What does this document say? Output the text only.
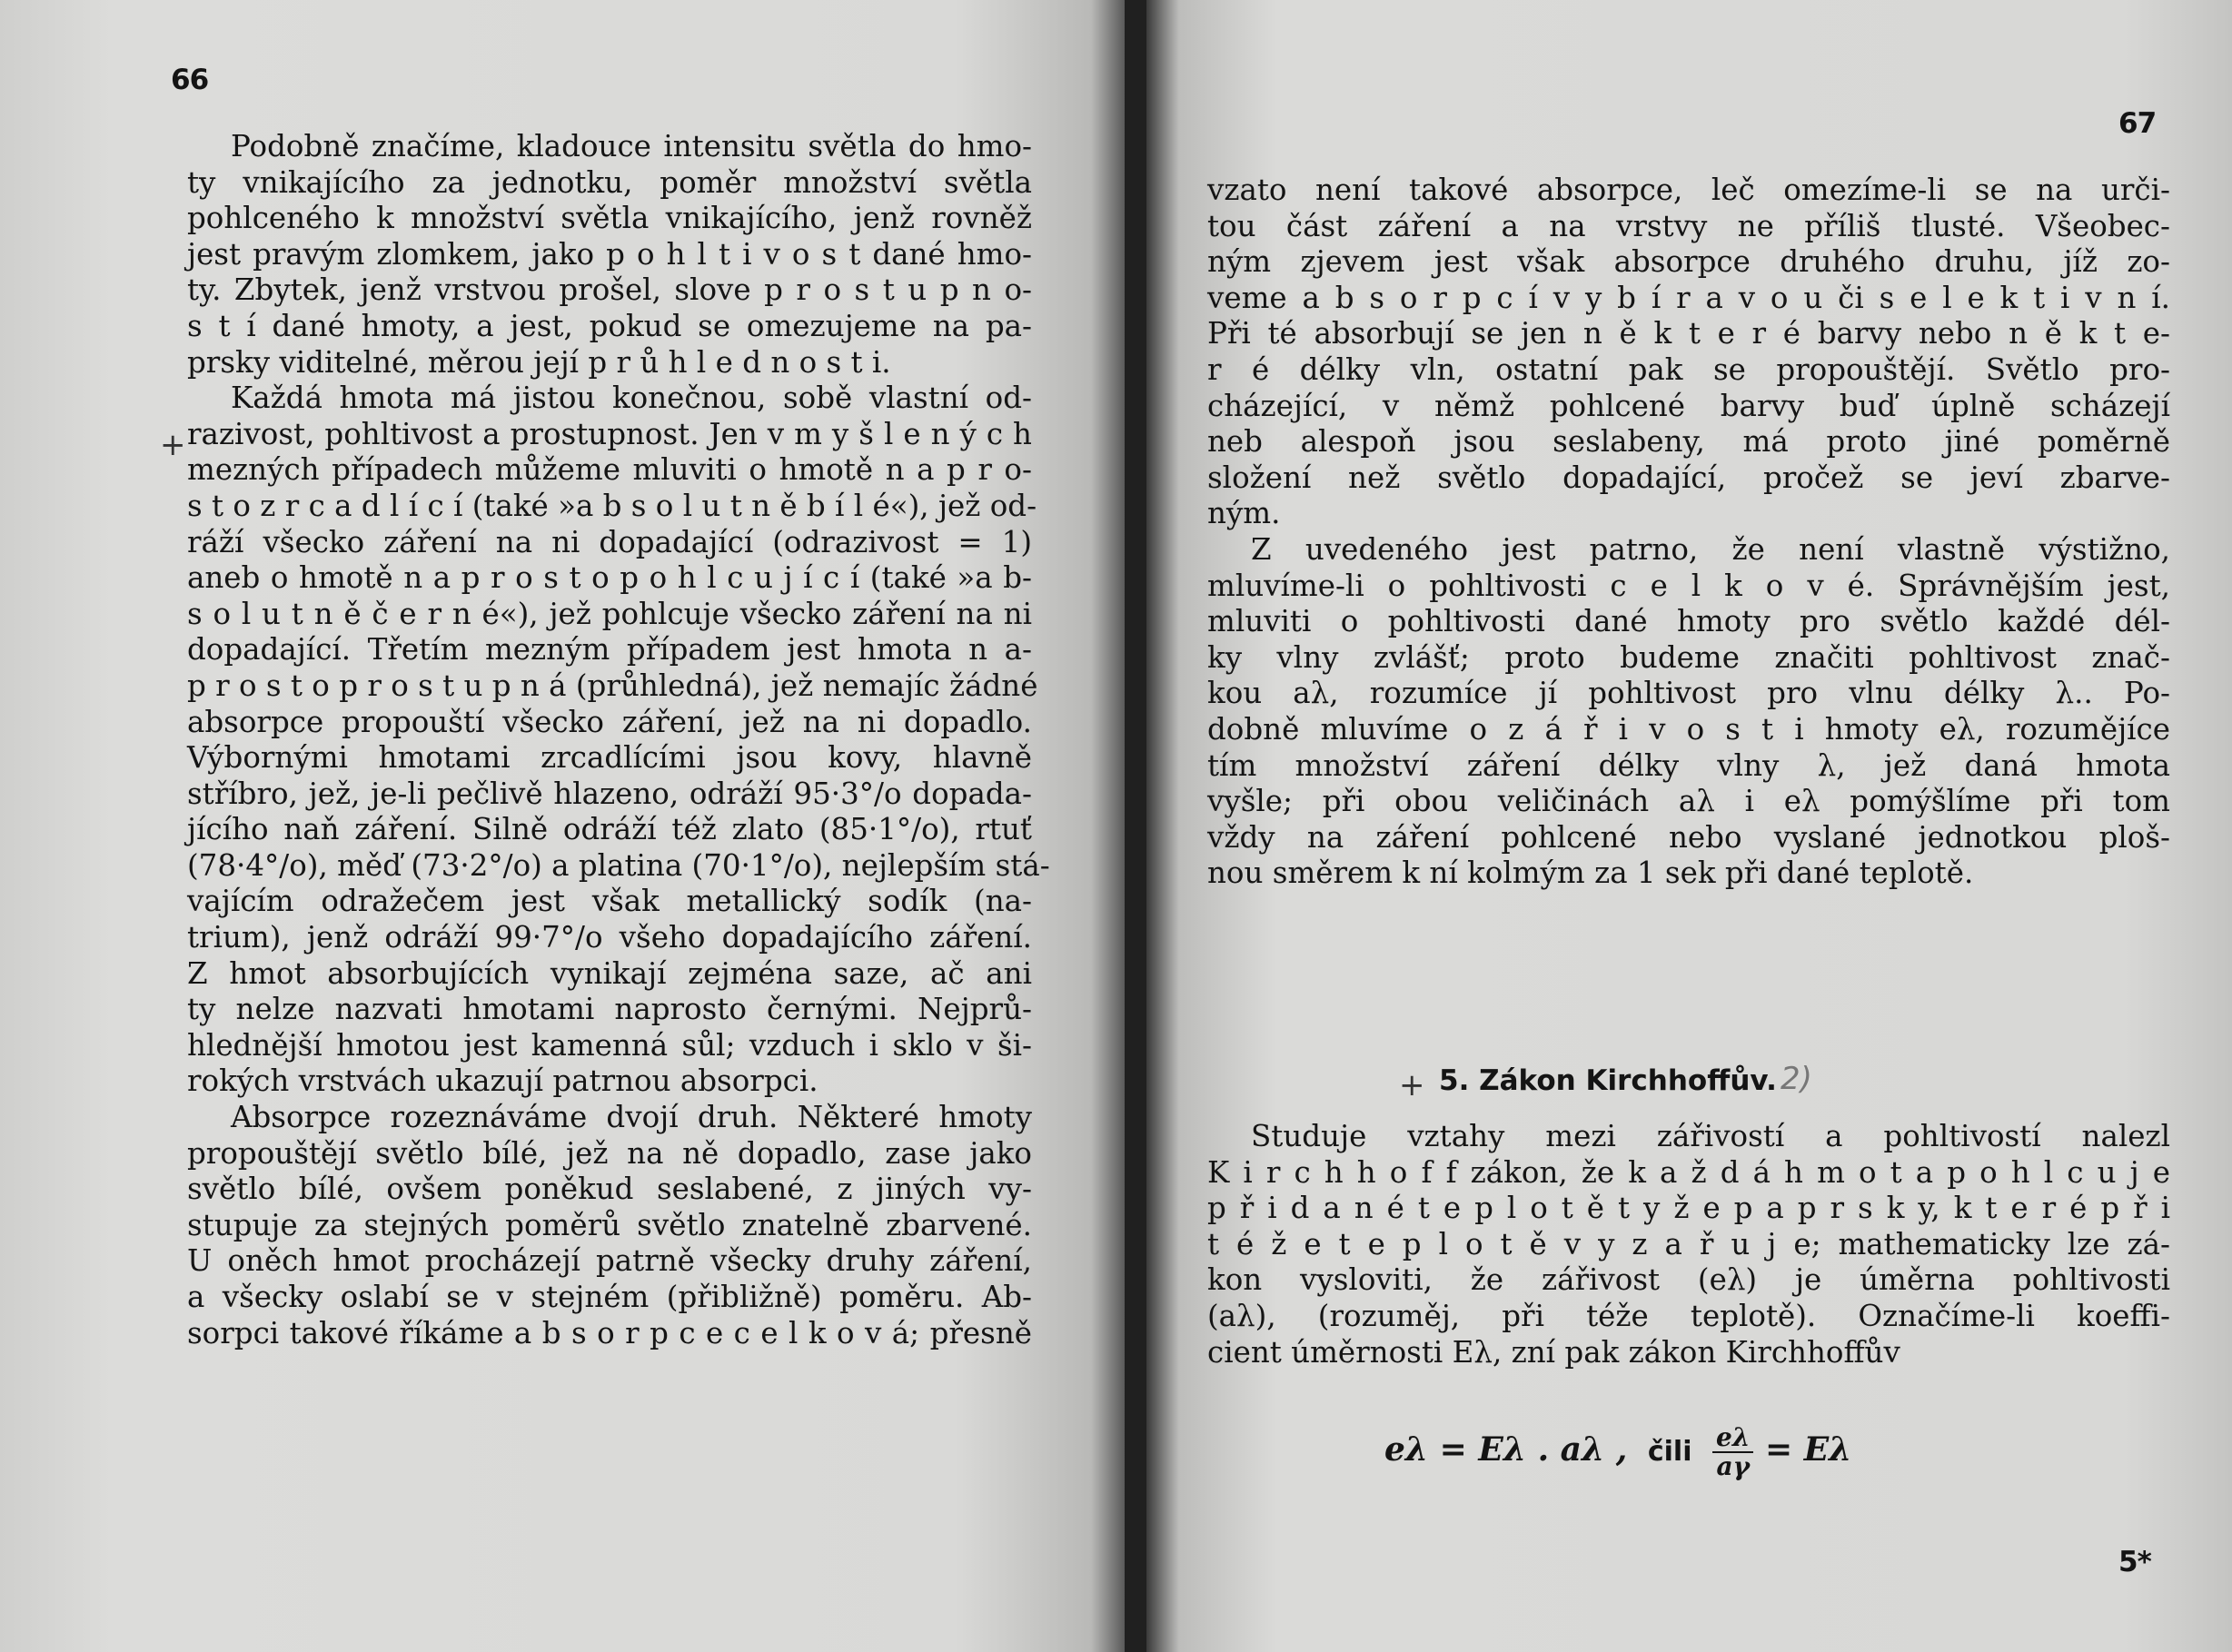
66
+
Podobně značíme, kladouce intensitu světla do hmo-
ty vnikajícího za jednotku, poměr množství světla
pohlceného k množství světla vnikajícího, jenž rovněž
jest pravým zlomkem, jako p o h l t i v o s t dané hmo-
ty. Zbytek, jenž vrstvou prošel, slove p r o s t u p n o-
s t í dané hmoty, a jest, pokud se omezujeme na pa-
prsky viditelné, měrou její p r ů h l e d n o s t i.
Každá hmota má jistou konečnou, sobě vlastní od-
razivost, pohltivost a prostupnost. Jen v m y š l e n ý c h
mezných případech můžeme mluviti o hmotě n a p r o-
s t o z r c a d l í c í (také »a b s o l u t n ě b í l é«), jež od-
ráží všecko záření na ni dopadající (odrazivost = 1)
aneb o hmotě n a p r o s t o p o h l c u j í c í (také »a b-
s o l u t n ě č e r n é«), jež pohlcuje všecko záření na ni
dopadající. Třetím mezným případem jest hmota n a-
p r o s t o p r o s t u p n á (průhledná), jež nemajíc žádné
absorpce propouští všecko záření, jež na ni dopadlo.
Výbornými hmotami zrcadlícími jsou kovy, hlavně
stříbro, jež, je-li pečlivě hlazeno, odráží 95·3°/o dopada-
jícího naň záření. Silně odráží též zlato (85·1°/o), rtuť
(78·4°/o), měď (73·2°/o) a platina (70·1°/o), nejlepším stá-
vajícím odražečem jest však metallický sodík (na-
trium), jenž odráží 99·7°/o všeho dopadajícího záření.
Z hmot absorbujících vynikají zejména saze, ač ani
ty nelze nazvati hmotami naprosto černými. Nejprů-
hlednější hmotou jest kamenná sůl; vzduch i sklo v ši-
rokých vrstvách ukazují patrnou absorpci.
Absorpce rozeznáváme dvojí druh. Některé hmoty
propouštějí světlo bílé, jež na ně dopadlo, zase jako
světlo bílé, ovšem poněkud seslabené, z jiných vy-
stupuje za stejných poměrů světlo znatelně zbarvené.
U oněch hmot procházejí patrně všecky druhy záření,
a všecky oslabí se v stejném (přibližně) poměru. Ab-
sorpci takové říkáme a b s o r p c e c e l k o v á; přesně
67
vzato není takové absorpce, leč omezíme-li se na urči-
tou část záření a na vrstvy ne příliš tlusté. Všeobec-
ným zjevem jest však absorpce druhého druhu, jíž zo-
veme a b s o r p c í v y b í r a v o u či s e l e k t i v n í.
Při té absorbují se jen n ě k t e r é barvy nebo n ě k t e-
r é délky vln, ostatní pak se propouštějí. Světlo pro-
cházející, v němž pohlcené barvy buď úplně scházejí
neb alespoň jsou seslabeny, má proto jiné poměrně
složení než světlo dopadající, pročež se jeví zbarve-
ným.
Z uvedeného jest patrno, že není vlastně výstižno,
mluvíme-li o pohltivosti c e l k o v é. Správnějším jest,
mluviti o pohltivosti dané hmoty pro světlo každé dél-
ky vlny zvlášť; proto budeme značiti pohltivost znač-
kou aλ, rozumíce jí pohltivost pro vlnu délky λ.. Po-
dobně mluvíme o z á ř i v o s t i hmoty eλ, rozumějíce
tím množství záření délky vlny λ, jež daná hmota
vyšle; při obou veličinách aλ i eλ pomýšlíme při tom
vždy na záření pohlcené nebo vyslané jednotkou ploš-
nou směrem k ní kolmým za 1 sek při dané teplotě.
+ 5. Zákon Kirchhoffův. 2)
Studuje vztahy mezi zářivostí a pohltivostí nalezl
K i r c h h o f f zákon, že k a ž d á h m o t a p o h l c u j e
p ř i d a n é t e p l o t ě t y ž e p a p r s k y, k t e r é p ř i
t é ž e t e p l o t ě v y z a ř u j e; mathematicky lze zá-
kon vysloviti, že zářivost (eλ) je úměrna pohltivosti
(aλ), (rozuměj, při téže teplotě). Označíme-li koeffi-
cient úměrnosti Eλ, zní pak zákon Kirchhoffův
eλ = Eλ . aλ , čili $\frac{e\lambda}{a\gamma} = E\lambda$
5*
